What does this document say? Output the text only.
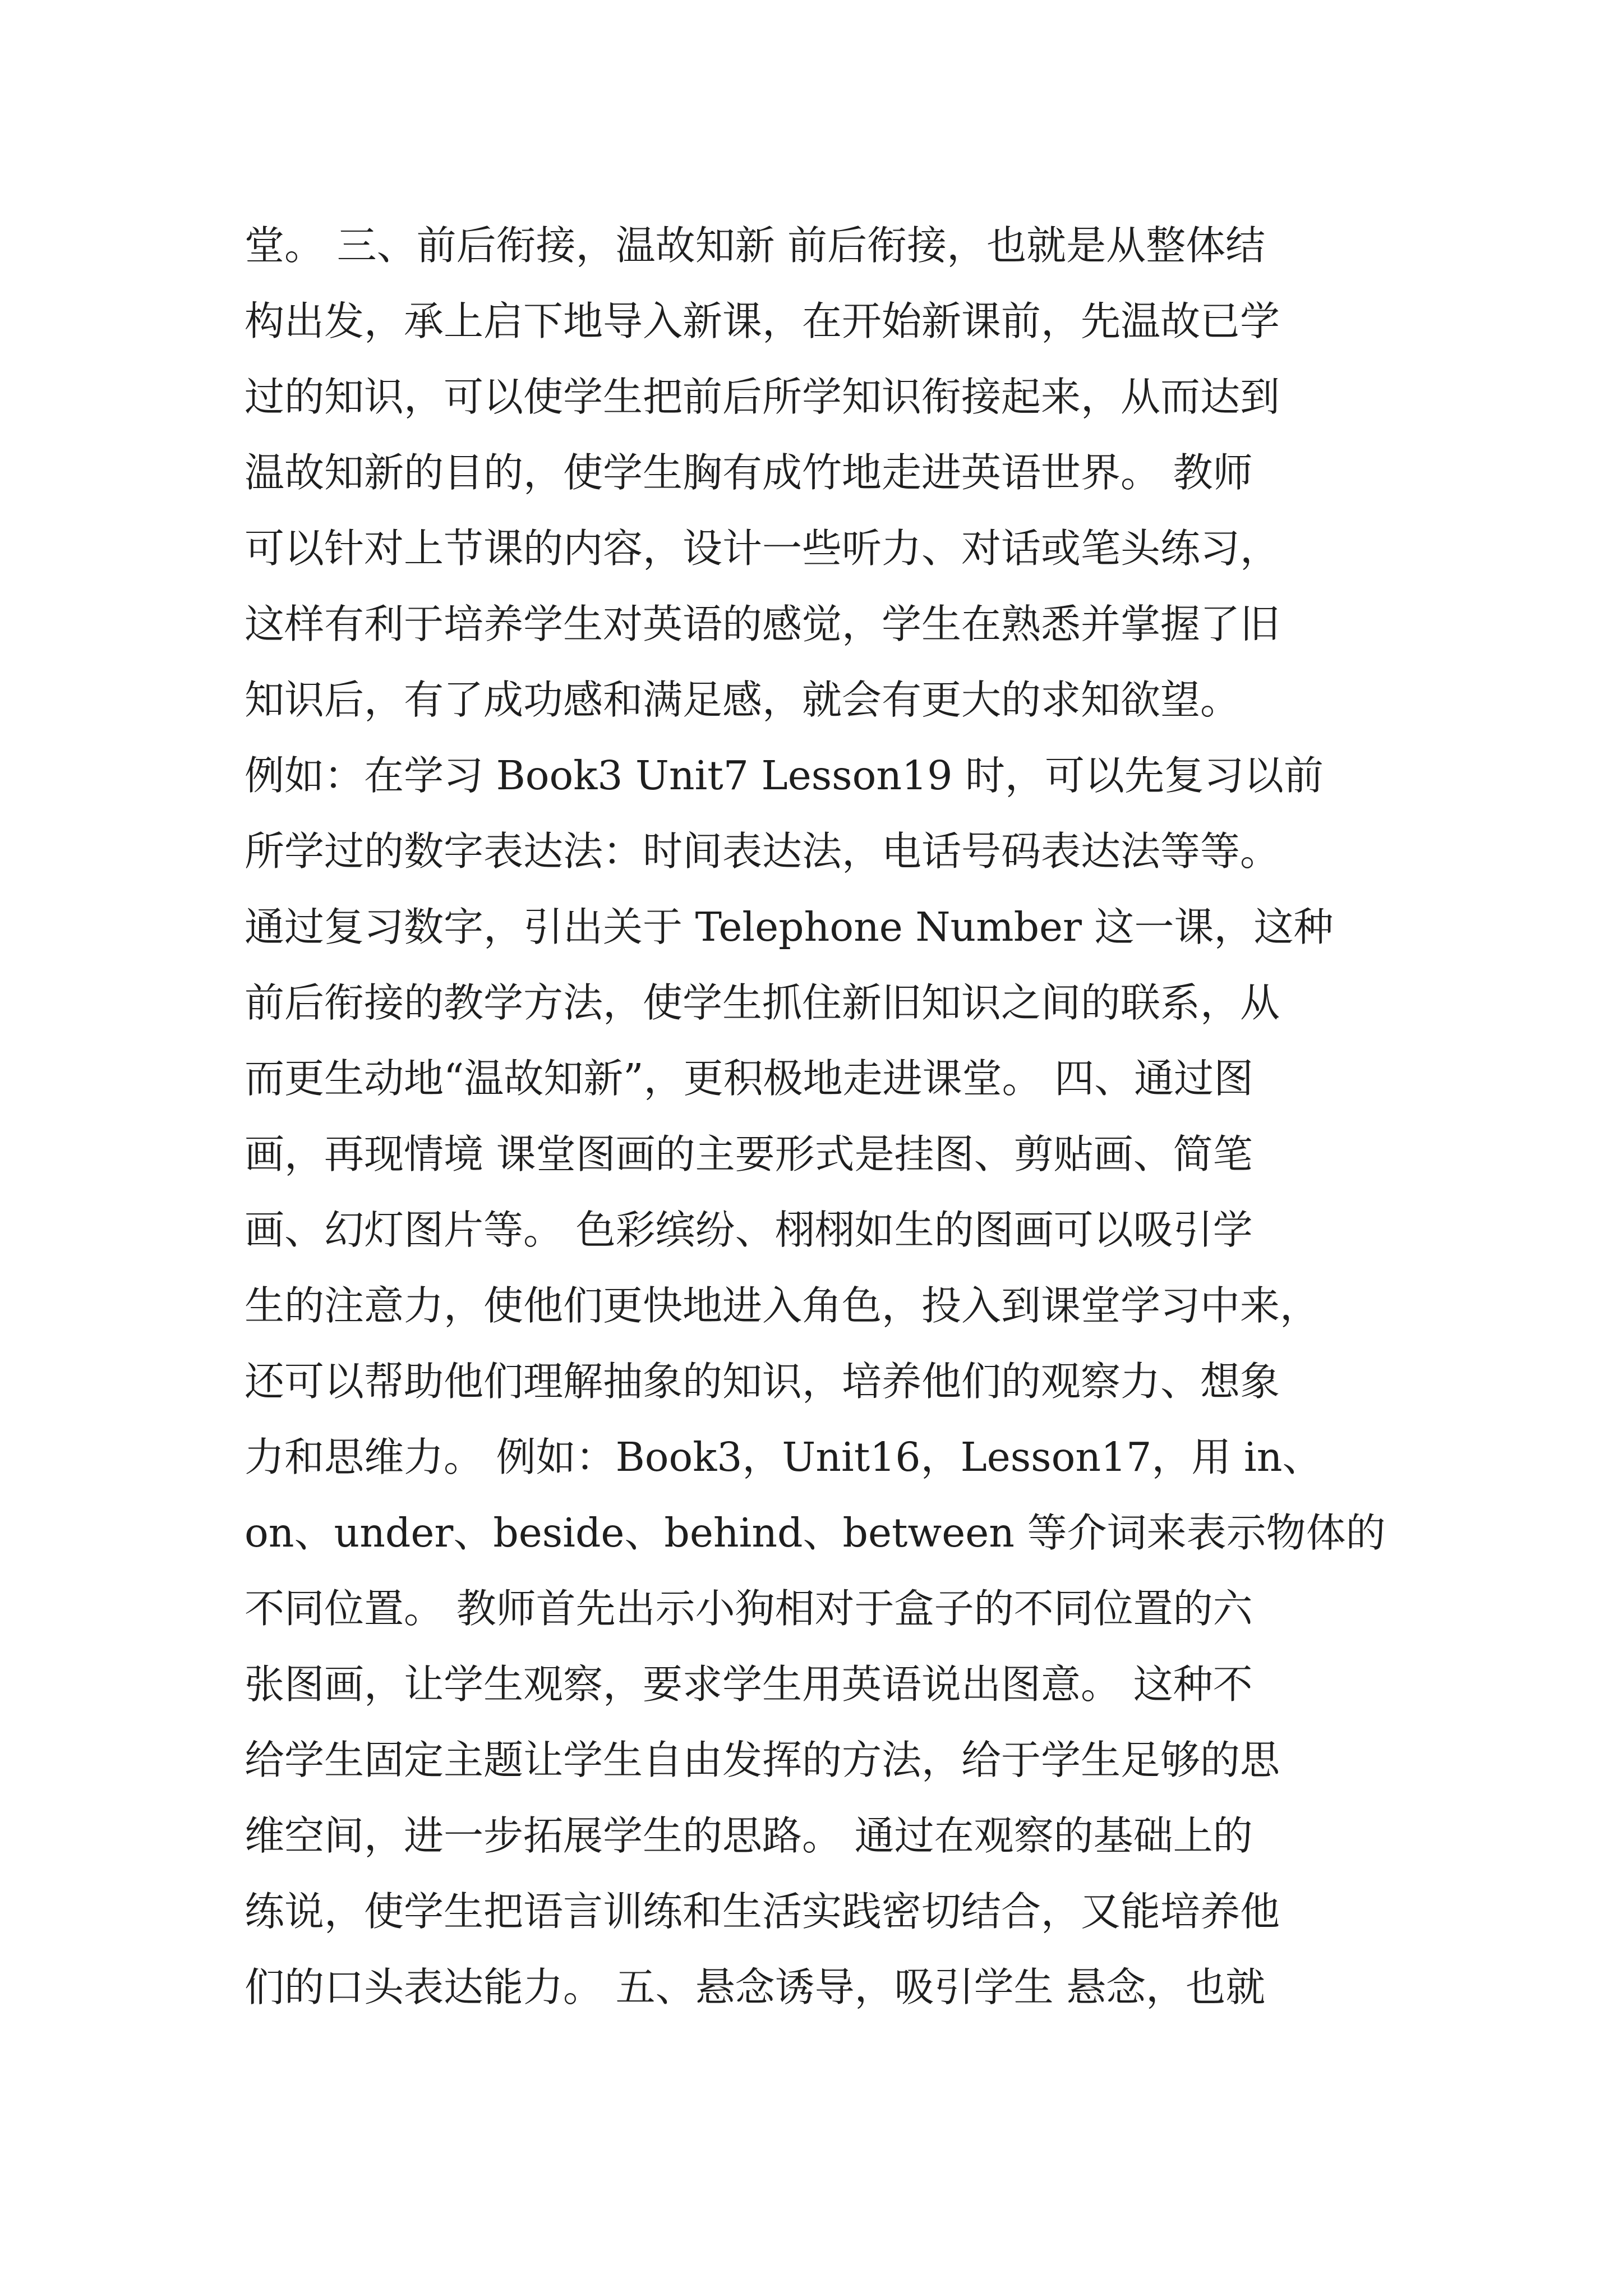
堂。 三、前后衔接，温故知新 前后衔接，也就是从整体结
构出发，承上启下地导入新课，在开始新课前，先温故已学
过的知识，可以使学生把前后所学知识衔接起来，从而达到
温故知新的目的，使学生胸有成竹地走进英语世界。 教师
可以针对上节课的内容，设计一些听力、对话或笔头练习，
这样有利于培养学生对英语的感觉，学生在熟悉并掌握了旧
知识后，有了成功感和满足感，就会有更大的求知欲望。
例如：在学习 Book3 Unit7 Lesson19 时，可以先复习以前
所学过的数字表达法：时间表达法，电话号码表达法等等。
通过复习数字，引出关于 Telephone Number 这一课，这种
前后衔接的教学方法，使学生抓住新旧知识之间的联系，从
而更生动地“温故知新”，更积极地走进课堂。 四、通过图
画，再现情境 课堂图画的主要形式是挂图、剪贴画、简笔
画、幻灯图片等。 色彩缤纷、栩栩如生的图画可以吸引学
生的注意力，使他们更快地进入角色，投入到课堂学习中来，
还可以帮助他们理解抽象的知识，培养他们的观察力、想象
力和思维力。 例如：Book3，Unit16，Lesson17，用 in、
on、under、beside、behind、between 等介词来表示物体的
不同位置。 教师首先出示小狗相对于盒子的不同位置的六
张图画，让学生观察，要求学生用英语说出图意。 这种不
给学生固定主题让学生自由发挥的方法，给于学生足够的思
维空间，进一步拓展学生的思路。 通过在观察的基础上的
练说，使学生把语言训练和生活实践密切结合，又能培养他
们的口头表达能力。 五、悬念诱导，吸引学生 悬念，也就
